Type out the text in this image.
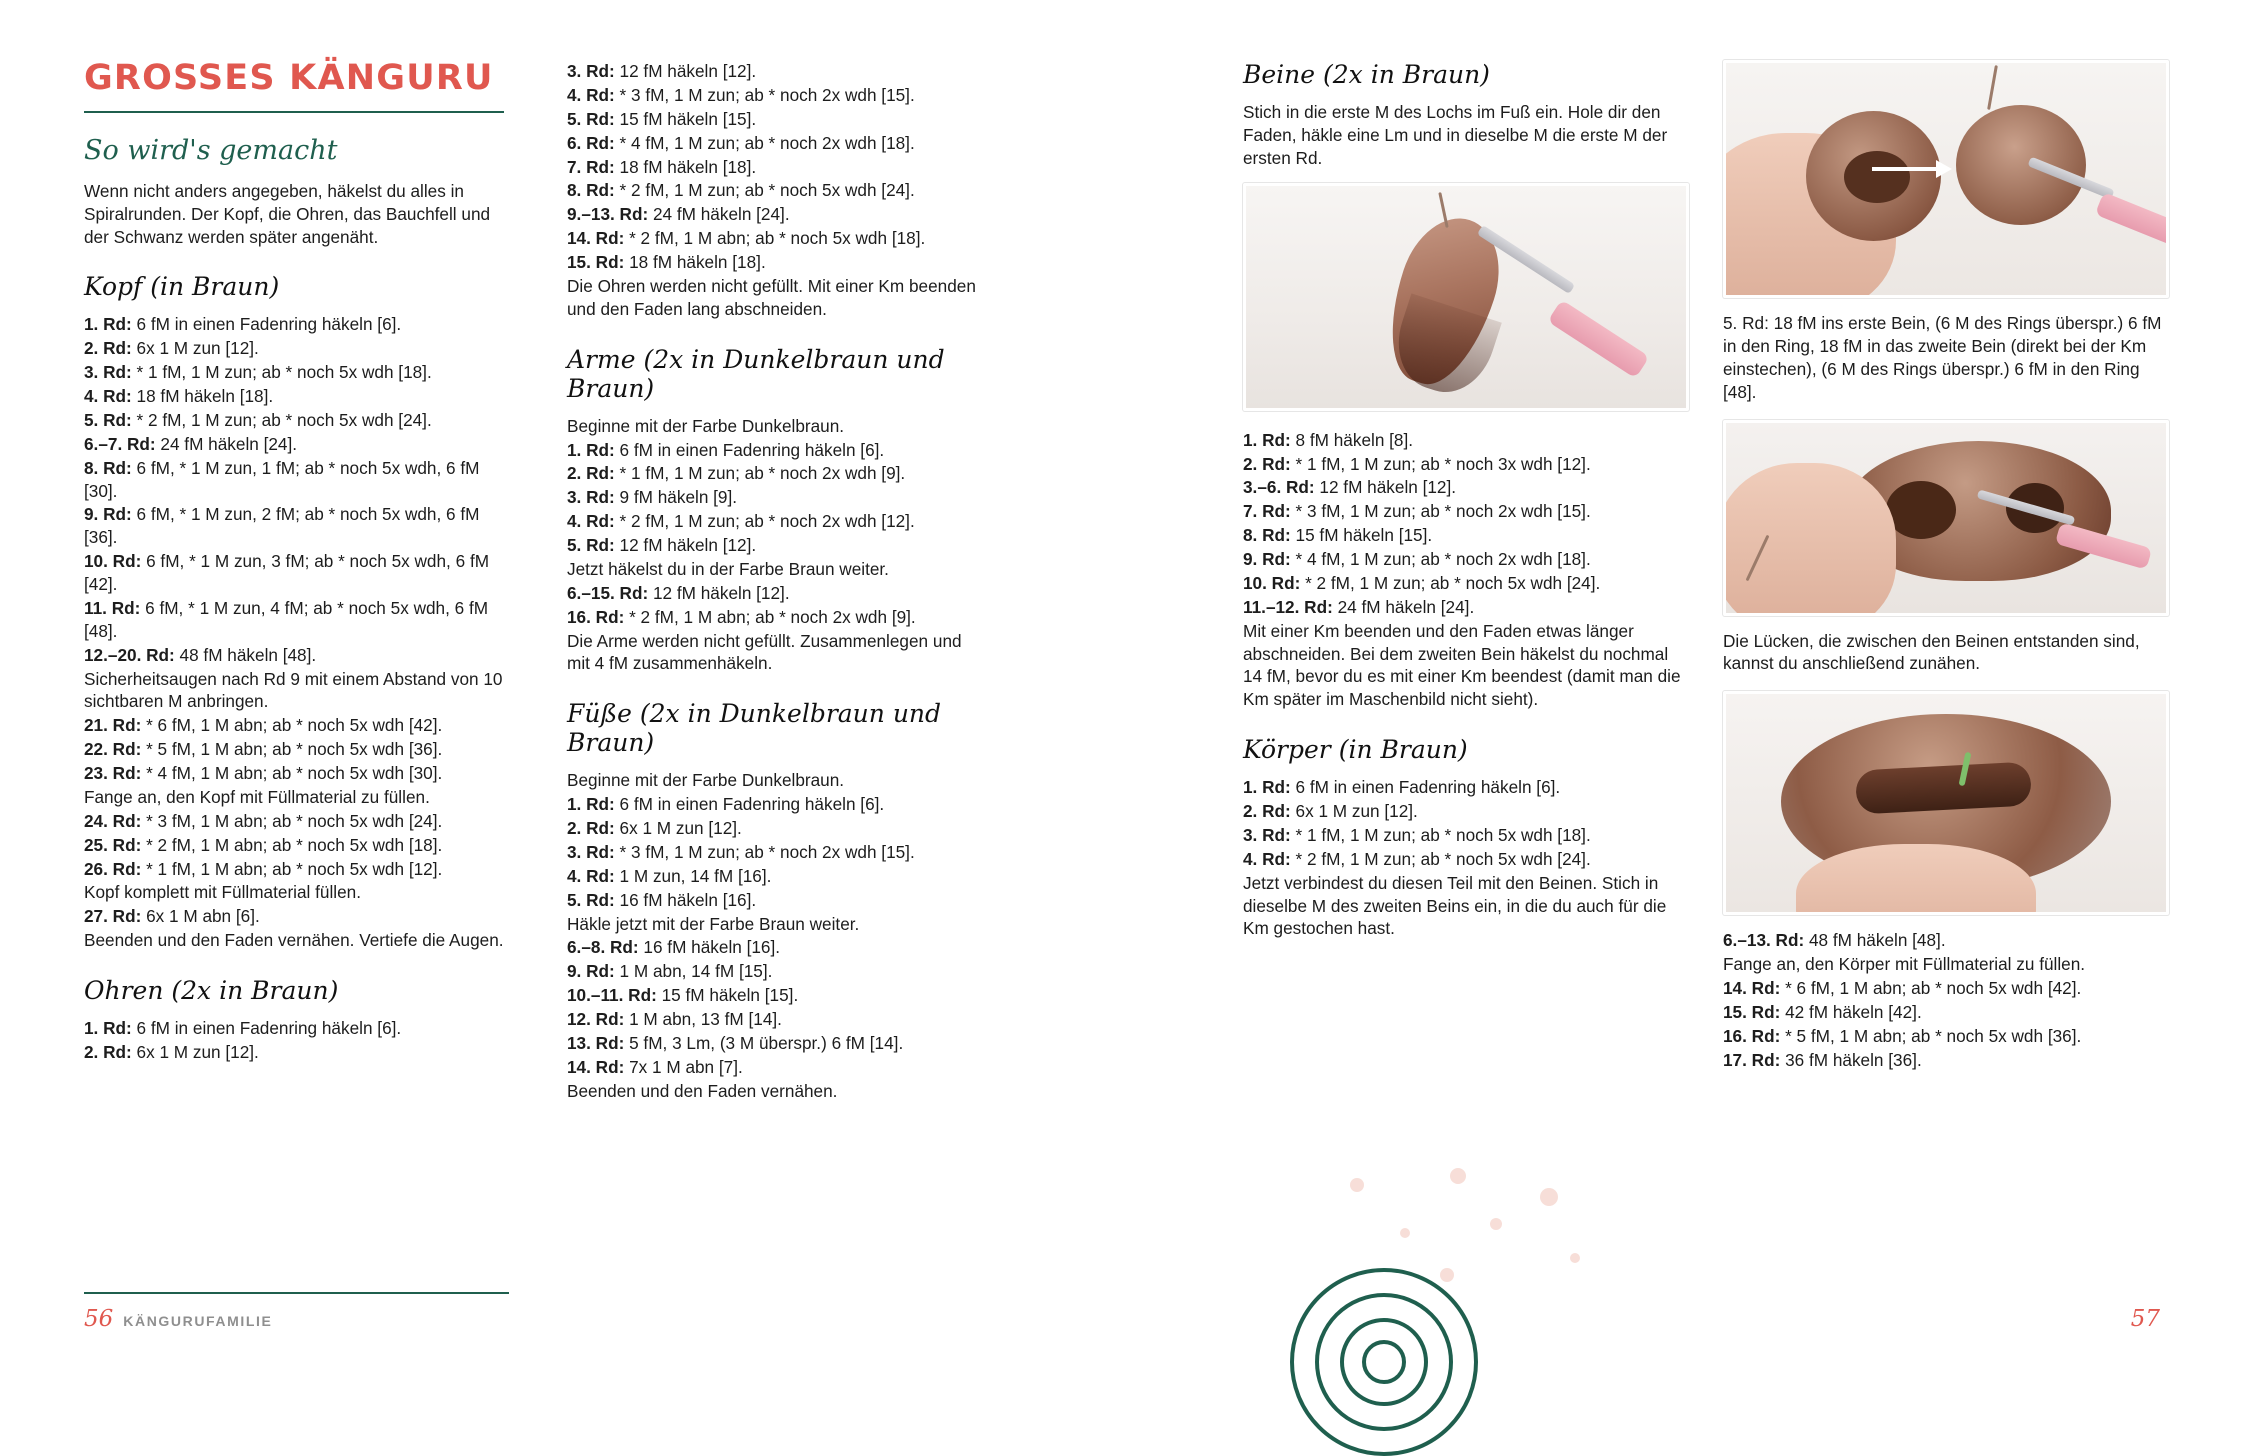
GROSSES KÄNGURU
So wird's gemacht

Wenn nicht anders angegeben, häkelst du alles in Spiralrunden. Der Kopf, die Ohren, das Bauchfell und der Schwanz werden später angenäht.

Kopf (in Braun)
1. Rd: 6 fM in einen Fadenring häkeln [6].
2. Rd: 6x 1 M zun [12].
3. Rd: * 1 fM, 1 M zun; ab * noch 5x wdh [18].
4. Rd: 18 fM häkeln [18].
5. Rd: * 2 fM, 1 M zun; ab * noch 5x wdh [24].
6.–7. Rd: 24 fM häkeln [24].
8. Rd: 6 fM, * 1 M zun, 1 fM; ab * noch 5x wdh, 6 fM [30].
9. Rd: 6 fM, * 1 M zun, 2 fM; ab * noch 5x wdh, 6 fM [36].
10. Rd: 6 fM, * 1 M zun, 3 fM; ab * noch 5x wdh, 6 fM [42].
11. Rd: 6 fM, * 1 M zun, 4 fM; ab * noch 5x wdh, 6 fM [48].
12.–20. Rd: 48 fM häkeln [48].
Sicherheitsaugen nach Rd 9 mit einem Abstand von 10 sichtbaren M anbringen.
21. Rd: * 6 fM, 1 M abn; ab * noch 5x wdh [42].
22. Rd: * 5 fM, 1 M abn; ab * noch 5x wdh [36].
23. Rd: * 4 fM, 1 M abn; ab * noch 5x wdh [30].
Fange an, den Kopf mit Füllmaterial zu füllen.
24. Rd: * 3 fM, 1 M abn; ab * noch 5x wdh [24].
25. Rd: * 2 fM, 1 M abn; ab * noch 5x wdh [18].
26. Rd: * 1 fM, 1 M abn; ab * noch 5x wdh [12].
Kopf komplett mit Füllmaterial füllen.
27. Rd: 6x 1 M abn [6].
Beenden und den Faden vernähen. Vertiefe die Augen.
Ohren (2x in Braun)
1. Rd: 6 fM in einen Fadenring häkeln [6].
2. Rd: 6x 1 M zun [12].
3. Rd: 12 fM häkeln [12].
4. Rd: * 3 fM, 1 M zun; ab * noch 2x wdh [15].
5. Rd: 15 fM häkeln [15].
6. Rd: * 4 fM, 1 M zun; ab * noch 2x wdh [18].
7. Rd: 18 fM häkeln [18].
8. Rd: * 2 fM, 1 M zun; ab * noch 5x wdh [24].
9.–13. Rd: 24 fM häkeln [24].
14. Rd: * 2 fM, 1 M abn; ab * noch 5x wdh [18].
15. Rd: 18 fM häkeln [18].
Die Ohren werden nicht gefüllt. Mit einer Km beenden und den Faden lang abschneiden.
Arme (2x in Dunkelbraun und Braun)
Beginne mit der Farbe Dunkelbraun.
1. Rd: 6 fM in einen Fadenring häkeln [6].
2. Rd: * 1 fM, 1 M zun; ab * noch 2x wdh [9].
3. Rd: 9 fM häkeln [9].
4. Rd: * 2 fM, 1 M zun; ab * noch 2x wdh [12].
5. Rd: 12 fM häkeln [12].
Jetzt häkelst du in der Farbe Braun weiter.
6.–15. Rd: 12 fM häkeln [12].
16. Rd: * 2 fM, 1 M abn; ab * noch 2x wdh [9].
Die Arme werden nicht gefüllt. Zusammenlegen und mit 4 fM zusammenhäkeln.
Füße (2x in Dunkelbraun und Braun)
Beginne mit der Farbe Dunkelbraun.
1. Rd: 6 fM in einen Fadenring häkeln [6].
2. Rd: 6x 1 M zun [12].
3. Rd: * 3 fM, 1 M zun; ab * noch 2x wdh [15].
4. Rd: 1 M zun, 14 fM [16].
5. Rd: 16 fM häkeln [16].
Häkle jetzt mit der Farbe Braun weiter.
6.–8. Rd: 16 fM häkeln [16].
9. Rd: 1 M abn, 14 fM [15].
10.–11. Rd: 15 fM häkeln [15].
12. Rd: 1 M abn, 13 fM [14].
13. Rd: 5 fM, 3 Lm, (3 M überspr.) 6 fM [14].
14. Rd: 7x 1 M abn [7].
Beenden und den Faden vernähen.
Beine (2x in Braun)

Stich in die erste M des Lochs im Fuß ein. Hole dir den Faden, häkle eine Lm und in dieselbe M die erste M der ersten Rd.

1. Rd: 8 fM häkeln [8].
2. Rd: * 1 fM, 1 M zun; ab * noch 3x wdh [12].
3.–6. Rd: 12 fM häkeln [12].
7. Rd: * 3 fM, 1 M zun; ab * noch 2x wdh [15].
8. Rd: 15 fM häkeln [15].
9. Rd: * 4 fM, 1 M zun; ab * noch 2x wdh [18].
10. Rd: * 2 fM, 1 M zun; ab * noch 5x wdh [24].
11.–12. Rd: 24 fM häkeln [24].
Mit einer Km beenden und den Faden etwas länger abschneiden. Bei dem zweiten Bein häkelst du nochmal 14 fM, bevor du es mit einer Km beendest (damit man die Km später im Maschenbild nicht sieht).
Körper (in Braun)
1. Rd: 6 fM in einen Fadenring häkeln [6].
2. Rd: 6x 1 M zun [12].
3. Rd: * 1 fM, 1 M zun; ab * noch 5x wdh [18].
4. Rd: * 2 fM, 1 M zun; ab * noch 5x wdh [24].
Jetzt verbindest du diesen Teil mit den Beinen. Stich in dieselbe M des zweiten Beins ein, in die du auch für die Km gestochen hast.

5. Rd: 18 fM ins erste Bein, (6 M des Rings überspr.) 6 fM in den Ring, 18 fM in das zweite Bein (direkt bei der Km einstechen), (6 M des Rings überspr.) 6 fM in den Ring [48].

Die Lücken, die zwischen den Beinen entstanden sind, kannst du anschließend zunähen.

6.–13. Rd: 48 fM häkeln [48].
Fange an, den Körper mit Füllmaterial zu füllen.
14. Rd: * 6 fM, 1 M abn; ab * noch 5x wdh [42].
15. Rd: 42 fM häkeln [42].
16. Rd: * 5 fM, 1 M abn; ab * noch 5x wdh [36].
17. Rd: 36 fM häkeln [36].
56 KÄNGURUFAMILIE	57
